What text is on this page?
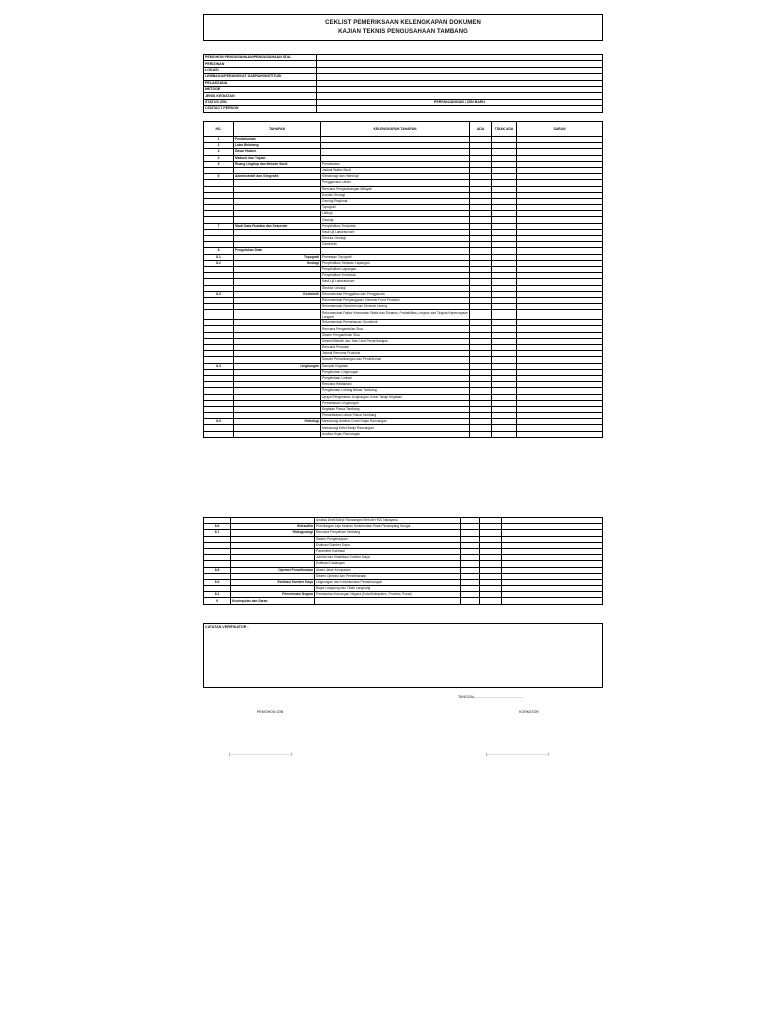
CEKLIST PEMERIKSAAN KELENGKAPAN DOKUMEN
KAJIAN TEKNIS PENGUSAHAAN TAMBANG
PEMOHON PENGUSAHAAN/PENGUSAHAAN SDA	
PERIZINAN	
LOKASI	
LEMBAGA/PERANGKAT DAERAH/INSTITUSI	
PELAKSANA	
METODE	
JENIS KEGIATAN	
STATUS IZIN	PERPANJANGAN / IZIN BARU
CONTACT PERSON	
NO.	TAHAPAN	KELENGKAPAN TAHAPAN	ADA	TIDAK ADA	SARAN
1	Pendahuluan				
2	Latar Belakang				
3	Dasar Hukum				
4	Maksud dan Tujuan				
5	Ruang Lingkup dan Metode Studi	Pendekatan			
		Jadwal Waktu Studi			
6	Administratif dan Geografis	Klimatologi dan Hidrologi			
		Penggunaan Lahan			
		Rencana Pengembangan Wilayah			
		Kondisi Geologi			
		Geologi Regional			
		Topografi			
		Litologi			
		Geologi			
7	Studi Data Pustaka dan Sekunder	Penyelidikan Terdahulu			
		Hasil Uji Laboratorium			
		Struktur Geologi			
		Geoteknik			
8	Pengolahan Data				
8.1	Topografi	Pemetaan Topografi			
8.2	Geologi	Penyelidikan Sebaran Lapangan			
		Penyelidikan Lapangan			
		Penyelidikan Terdahulu			
		Hasil Uji Laboratorium			
		Struktur Geologi			
8.3	Geoteknik	Rekomendasi Penggalian dan Penggaruan			
		Rekomendasi Penyanggaan, Dimensi Front Produksi			
		Rekomendasi Geometri dan Dimensi Lereng			
		Rekomendasi Faktor Keamanan Statis dan Dinamis, Probabilitas Longsor dan Tingkat Kepercayaan Longsor			
		Rekomendasi Pemantauan Geoteknik			
		Rencana Pengambilan Sisa			
		Sistem Pengambilan Sisa			
		Sistem/Metode dan Tata Cara Penambangan			
		Rencana Produksi			
		Jadwal Rencana Produksi			
		Sekuen Penambangan dan Penimbunan			
8.4	Lingkungan	Dampak Kegiatan			
		Pengelolaan Lingkungan			
		Pengelolaan Limbah			
		Rencana Reklamasi			
		Pengelolaan Lubang Bekas Tambang			
		Upaya Pengelolaan Lingkungan Untuk Tahap Kegiatan			
		Pemantauan Lingkungan			
		Kegiatan Pasca Tambang			
		Pemanfaatan Lahan Pasca Tambang			
8.5	Hidrologi	Metodologi Analisa Curah Hujan Rancangan			
		Metodologi Debit Banjir Rancangan			
		Analisa Hujan Rancangan			
		Analisa Debit Banjir Rancangan Metode HSS Nakayasu			
8.6	Hidraulika	Perhitungan Laju Muatan Sedimentasi Pada Penampang Sungai			
8.7	Hidrogeologi	Rencana Penyaliran Tambang			
		Sistem Pengendapan			
		Estimasi Sumber Daya			
		Parameter Estimasi			
		Jumlah dan Klasifikasi Sumber Daya			
		Estimasi Cadangan			
8.8	Operasi Pemeliharaan	Akses Jalan Kempadan			
		Sistem Operasi dan Pemeliharaan			
8.9	Estimasi Sumber Daya	Lingkungan dan Keselamatan Pertambangan			
		Biaya Langsung dan Tidak Langsung			
8.1	Penerimaan Negara	Pemasukan Keuangan Negara (Kota/Kabupaten, Provinsi, Pusat)			
9	Kesimpulan dan Saran				
CATATAN VERIFIKATOR :
TANGGAL,................................................
PEMOHON IZIN	KORKATOR
(.............................................................)	(.............................................................)
